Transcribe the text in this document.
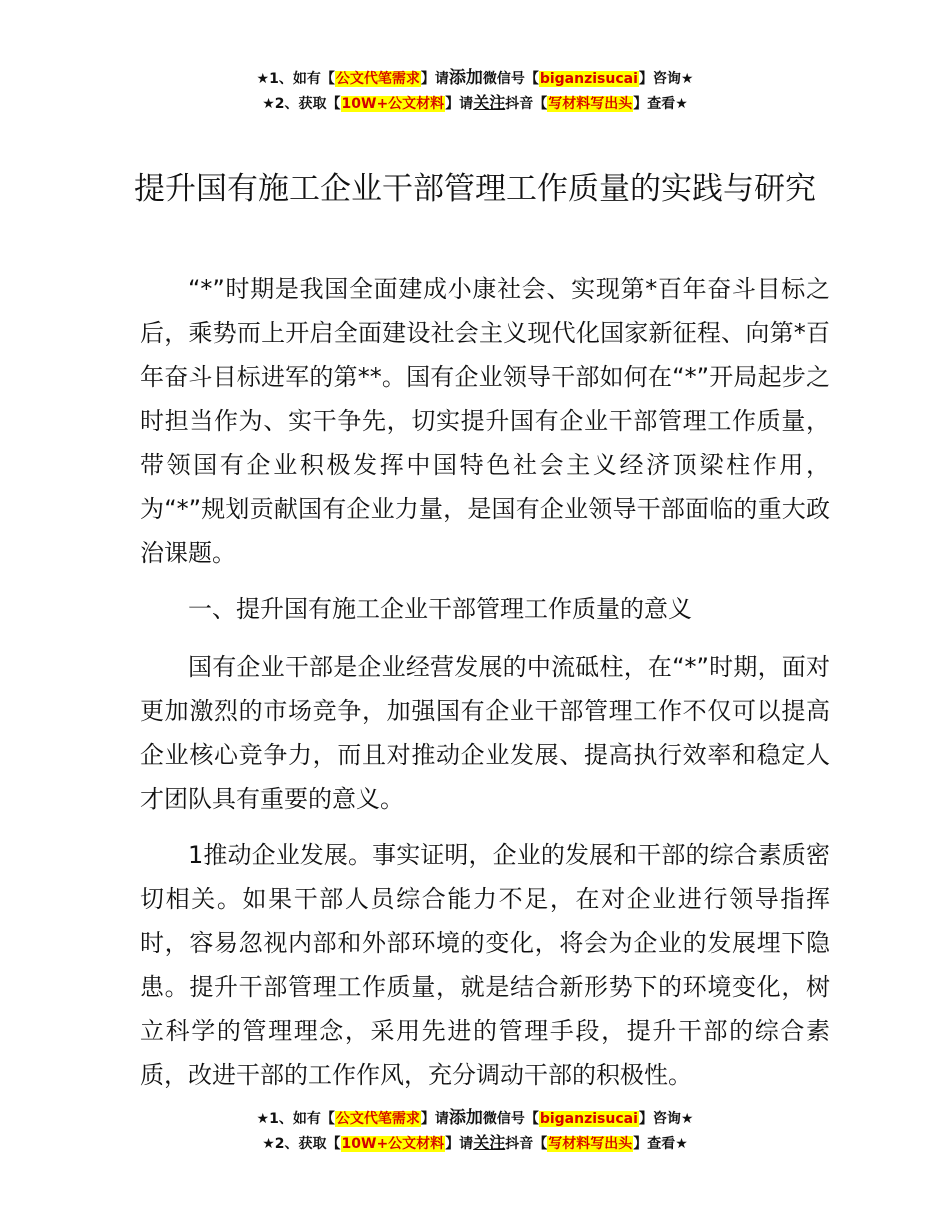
★1、如有【公文代笔需求】请添加微信号【biganzisucai】咨询★
★2、获取【10W+公文材料】请关注抖音【写材料写出头】查看★
提升国有施工企业干部管理工作质量的实践与研究

“*”时期是我国全面建成小康社会、实现第*百年奋斗目标之后，乘势而上开启全面建设社会主义现代化国家新征程、向第*百年奋斗目标进军的第**。国有企业领导干部如何在“*”开局起步之时担当作为、实干争先，切实提升国有企业干部管理工作质量，带领国有企业积极发挥中国特色社会主义经济顶梁柱作用，为“*”规划贡献国有企业力量，是国有企业领导干部面临的重大政治课题。

一、提升国有施工企业干部管理工作质量的意义

国有企业干部是企业经营发展的中流砥柱，在“*”时期，面对更加激烈的市场竞争，加强国有企业干部管理工作不仅可以提高企业核心竞争力，而且对推动企业发展、提高执行效率和稳定人才团队具有重要的意义。

1推动企业发展。事实证明，企业的发展和干部的综合素质密切相关。如果干部人员综合能力不足，在对企业进行领导指挥时，容易忽视内部和外部环境的变化，将会为企业的发展埋下隐患。提升干部管理工作质量，就是结合新形势下的环境变化，树立科学的管理理念，采用先进的管理手段，提升干部的综合素质，改进干部的工作作风，充分调动干部的积极性。

★1、如有【公文代笔需求】请添加微信号【biganzisucai】咨询★
★2、获取【10W+公文材料】请关注抖音【写材料写出头】查看★
